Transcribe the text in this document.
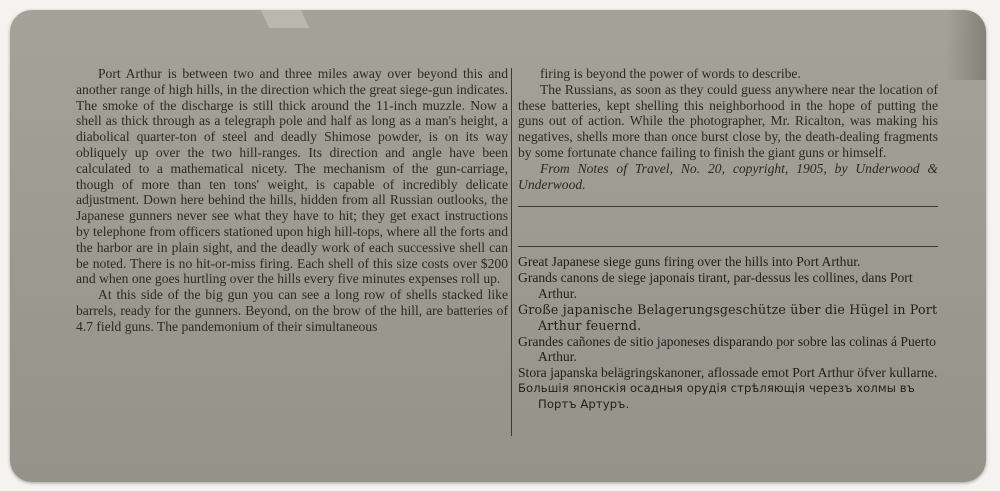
Port Arthur is between two and three miles away over beyond this and another range of high hills, in the direction which the great siege-gun indicates. The smoke of the discharge is still thick around the 11-inch muzzle. Now a shell as thick through as a telegraph pole and half as long as a man's height, a diabolical quarter-ton of steel and deadly Shimose powder, is on its way obliquely up over the two hill-ranges. Its direction and angle have been calculated to a mathematical nicety. The mechanism of the gun-carriage, though of more than ten tons' weight, is capable of incredibly delicate adjustment. Down here behind the hills, hidden from all Russian outlooks, the Japanese gunners never see what they have to hit; they get exact instructions by telephone from officers stationed upon high hill-tops, where all the forts and the harbor are in plain sight, and the deadly work of each successive shell can be noted. There is no hit-or-miss firing. Each shell of this size costs over $200 and when one goes hurtling over the hills every five minutes expenses roll up.

At this side of the big gun you can see a long row of shells stacked like barrels, ready for the gunners. Beyond, on the brow of the hill, are batteries of 4.7 field guns. The pandemonium of their simultaneous

firing is beyond the power of words to describe.

The Russians, as soon as they could guess anywhere near the location of these batteries, kept shelling this neighborhood in the hope of putting the guns out of action. While the photographer, Mr. Ricalton, was making his negatives, shells more than once burst close by, the death-dealing fragments by some fortunate chance failing to finish the giant guns or himself.

From Notes of Travel, No. 20, copyright, 1905, by Underwood & Underwood.

Great Japanese siege guns firing over the hills into Port Arthur.

Grands canons de siege japonais tirant, par-dessus les collines, dans Port Arthur.

Große japanische Belagerungsgeschütze über die Hügel in Port Arthur feuernd.

Grandes cañones de sitio japoneses disparando por sobre las colinas á Puerto Arthur.

Stora japanska belägringskanoner, aflossade emot Port Arthur öfver kullarne.

Большія японскія осадныя орудія стрѣляющія черезъ холмы въ Портъ Артуръ.
